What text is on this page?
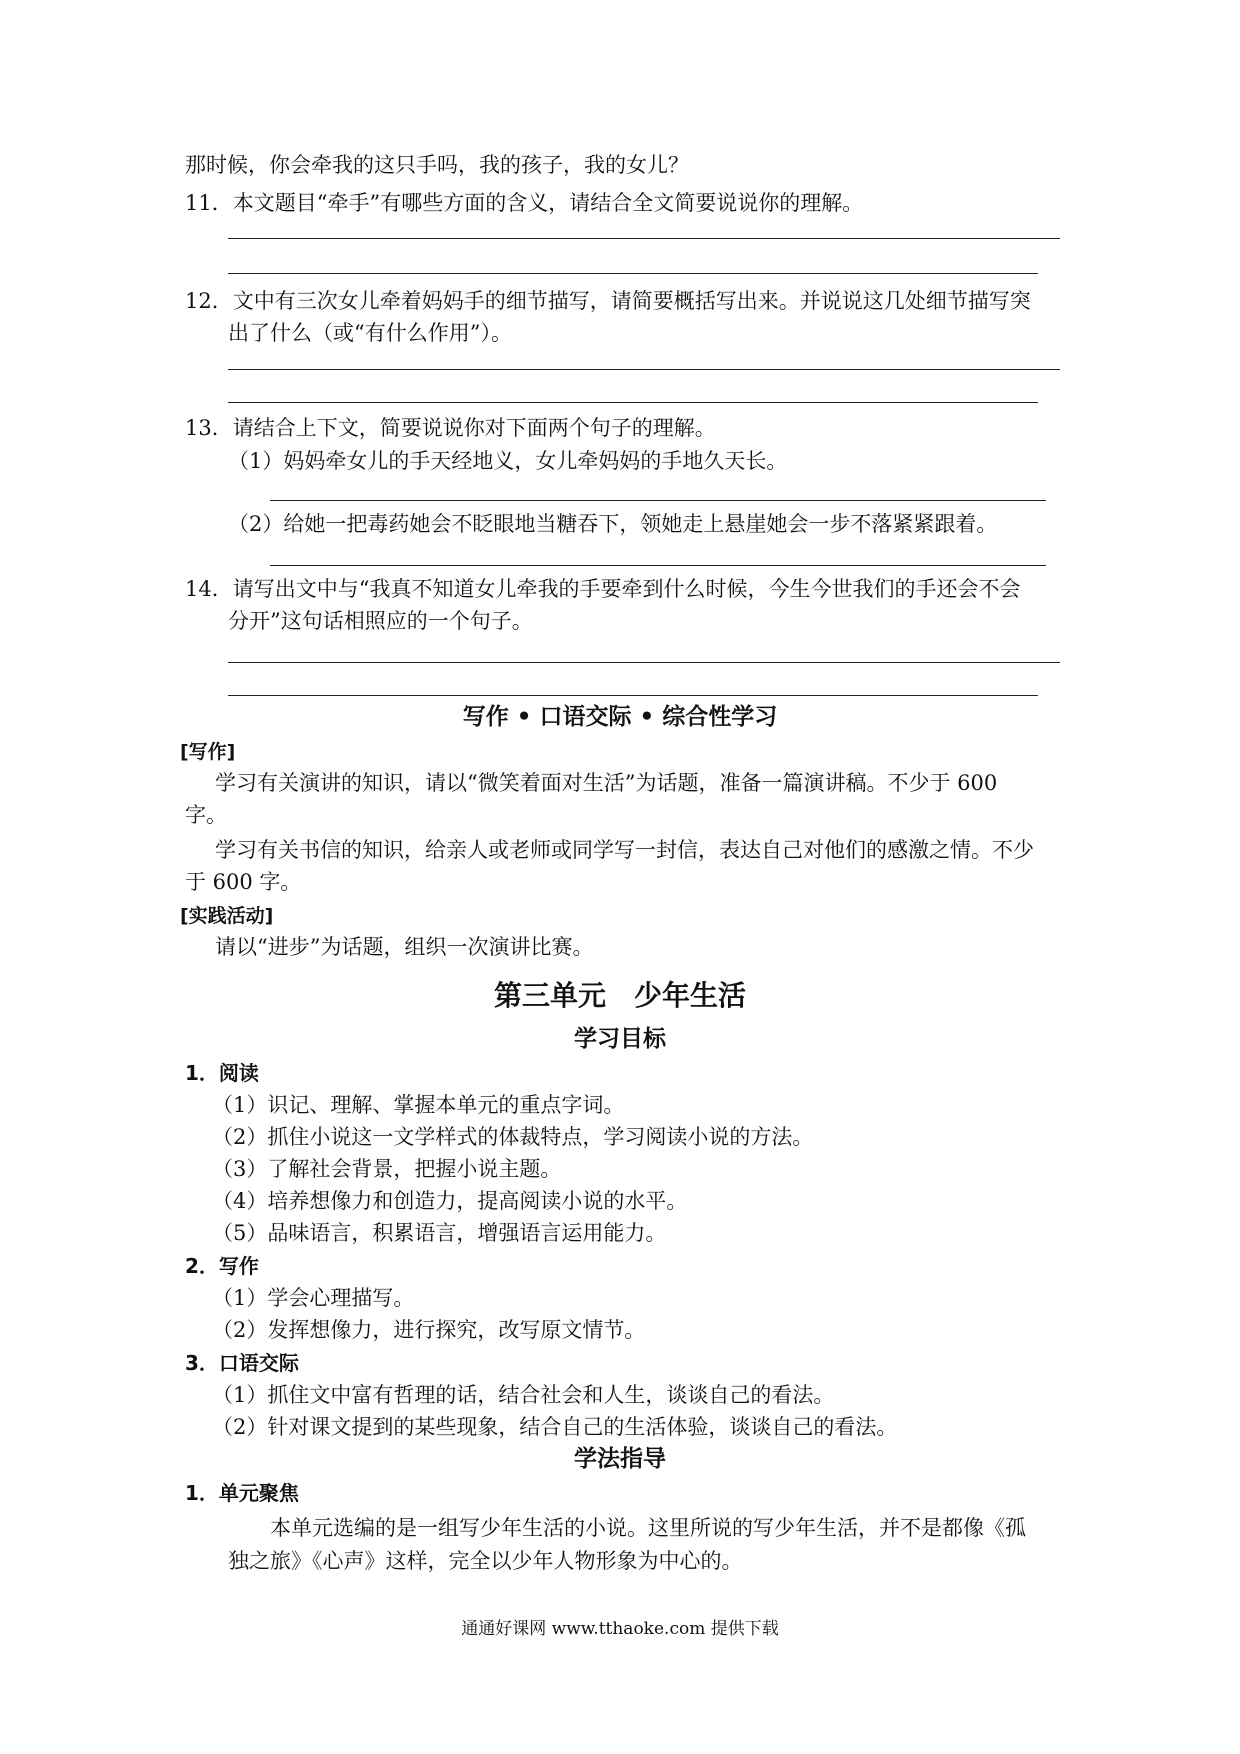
那时候，你会牵我的这只手吗，我的孩子，我的女儿？
11．本文题目“牵手”有哪些方面的含义，请结合全文简要说说你的理解。
12．文中有三次女儿牵着妈妈手的细节描写，请简要概括写出来。并说说这几处细节描写突
出了什么（或“有什么作用”）。
13．请结合上下文，简要说说你对下面两个句子的理解。
（1）妈妈牵女儿的手天经地义，女儿牵妈妈的手地久天长。
（2）给她一把毒药她会不眨眼地当糖吞下，领她走上悬崖她会一步不落紧紧跟着。
14．请写出文中与“我真不知道女儿牵我的手要牵到什么时候，今生今世我们的手还会不会
分开”这句话相照应的一个句子。
写作 • 口语交际 • 综合性学习
[写作]
学习有关演讲的知识，请以“微笑着面对生活”为话题，准备一篇演讲稿。不少于 600
字。
学习有关书信的知识，给亲人或老师或同学写一封信，表达自己对他们的感激之情。不少
于 600 字。
[实践活动]
请以“进步”为话题，组织一次演讲比赛。
第三单元　少年生活
学习目标
1．阅读
（1）识记、理解、掌握本单元的重点字词。
（2）抓住小说这一文学样式的体裁特点，学习阅读小说的方法。
（3）了解社会背景，把握小说主题。
（4）培养想像力和创造力，提高阅读小说的水平。
（5）品味语言，积累语言，增强语言运用能力。
2．写作
（1）学会心理描写。
（2）发挥想像力，进行探究，改写原文情节。
3．口语交际
（1）抓住文中富有哲理的话，结合社会和人生，谈谈自己的看法。
（2）针对课文提到的某些现象，结合自己的生活体验，谈谈自己的看法。
学法指导
1．单元聚焦
本单元选编的是一组写少年生活的小说。这里所说的写少年生活，并不是都像《孤
独之旅》《心声》这样，完全以少年人物形象为中心的。
通通好课网 www.tthaoke.com 提供下载
